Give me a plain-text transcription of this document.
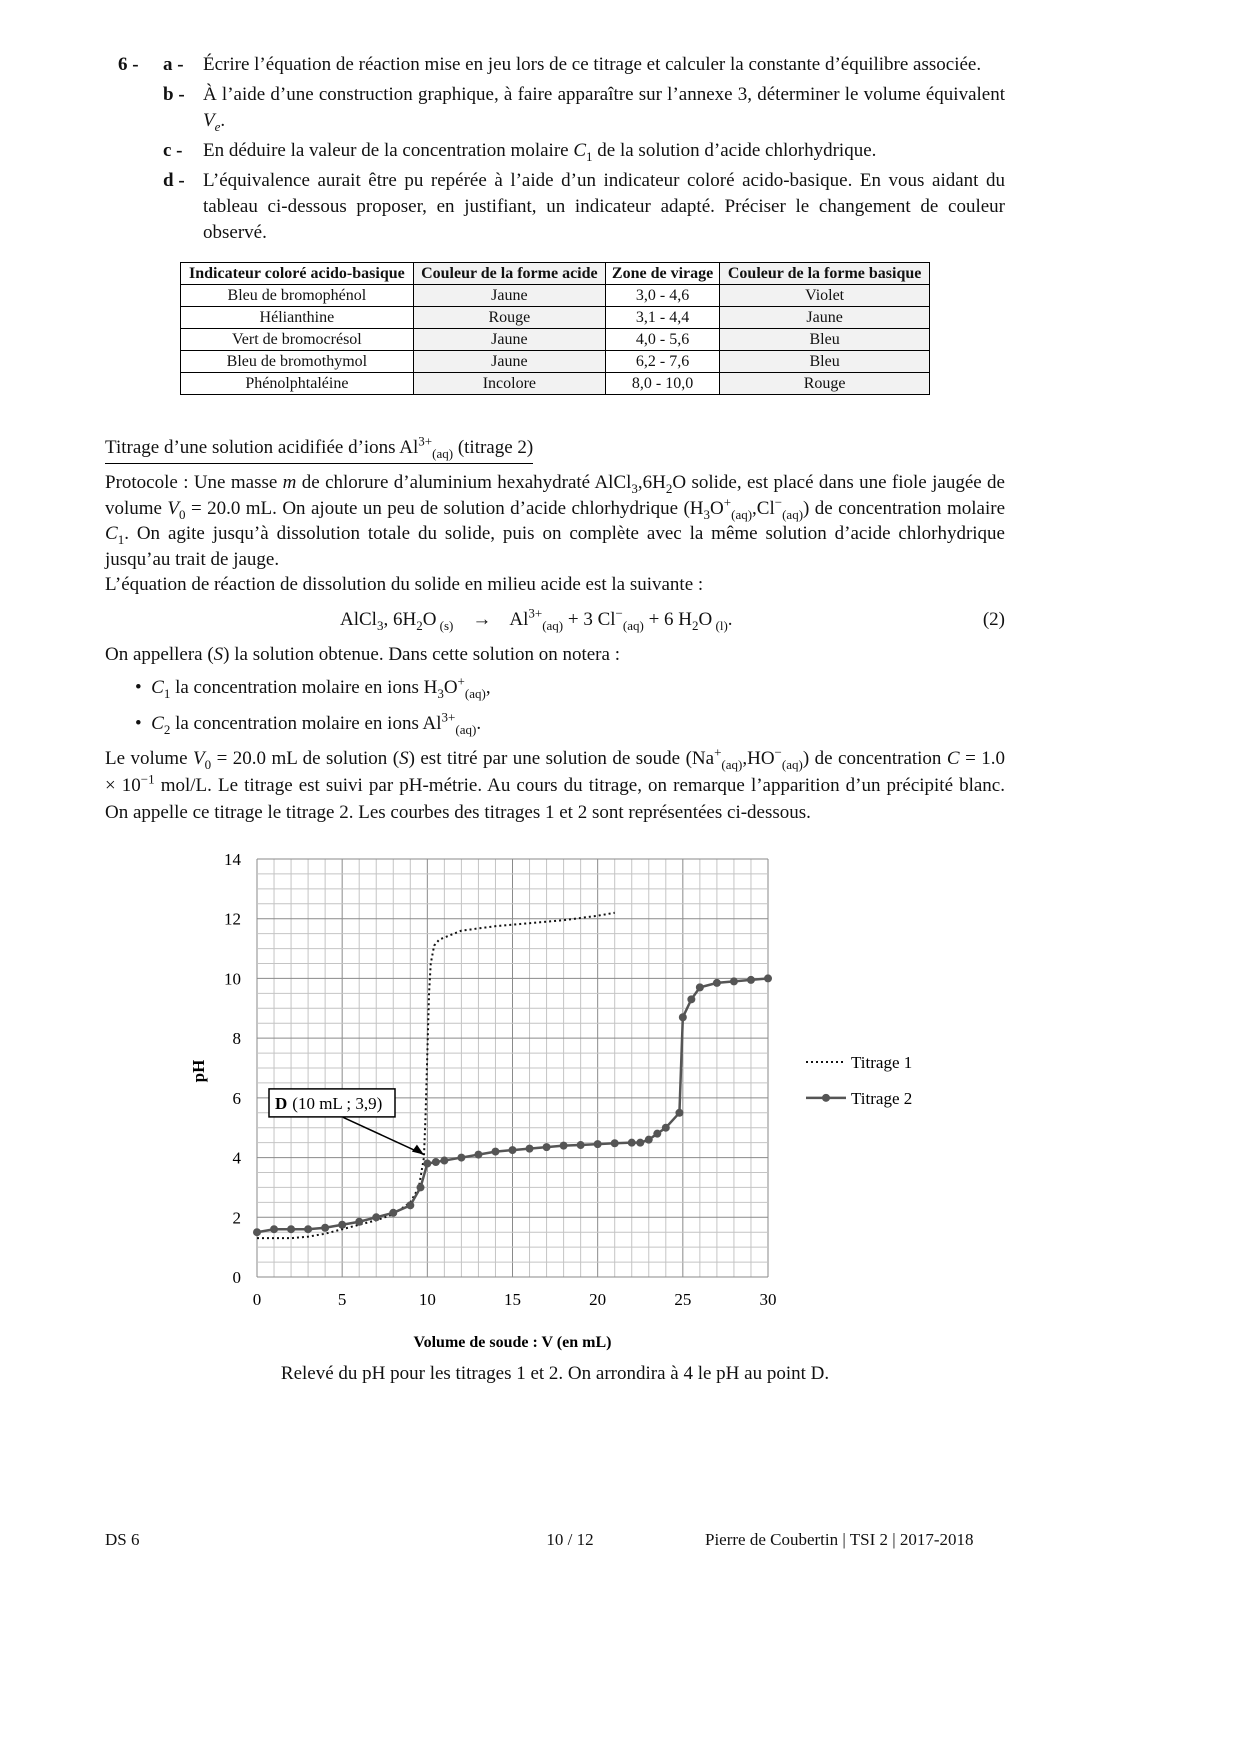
6 -	a -	Écrire l’équation de réaction mise en jeu lors de ce titrage et calculer la constante d’équilibre associée.
b - À l’aide d’une construction graphique, à faire apparaître sur l’annexe 3, déterminer le volume équivalent $V_e$.
c -	En déduire la valeur de la concentration molaire $C_1$ de la solution d’acide chlorhydrique.
d - L’équivalence aurait être pu repérée à l’aide d’un indicateur coloré acido-basique. En vous aidant du tableau ci-dessous proposer, en justifiant, un indicateur adapté. Préciser le changement de couleur observé.
Indicateur coloré acido-basique	Couleur de la forme acide	Zone de virage	Couleur de la forme basique
Bleu de bromophénol	Jaune	3,0 - 4,6	Violet
Hélianthine	Rouge	3,1 - 4,4	Jaune
Vert de bromocrésol	Jaune	4,0 - 5,6	Bleu
Bleu de bromothymol	Jaune	6,2 - 7,6	Bleu
Phénolphtaléine	Incolore	8,0 - 10,0	Rouge
Titrage d’une solution acidifiée d’ions $Al^{3+}_{(aq)}$ (titrage 2)

Protocole : Une masse m de chlorure d’aluminium hexahydraté $AlCl_3,6H_2O$ solide, est placé dans une fiole jaugée de volume $V_0 = 20.0$ mL. On ajoute un peu de solution d’acide chlorhydrique $(H_3O^+_{(aq)},Cl^-_{(aq)})$ de concentration molaire $C_1$. On agite jusqu’à dissolution totale du solide, puis on complète avec la même solution d’acide chlorhydrique jusqu’au trait de jauge.

L’équation de réaction de dissolution du solide en milieu acide est la suivante :

AlCl$_3$, $6H_2O$ $_{(s)}$    →    $Al^{3+}_{(aq)} + 3$ $Cl^-_{(aq)} + 6$ $H_2O$ $_{(l)}$.	(2)

On appellera (S) la solution obtenue. Dans cette solution on notera :

•  $C_1$ la concentration molaire en ions $H_3O^+_{(aq)}$,
•  $C_2$ la concentration molaire en ions $Al^{3+}_{(aq)}$.

Le volume $V_0 = 20.0$ mL de solution (S) est titré par une solution de soude $(Na^+_{(aq)},HO^-_{(aq)})$ de concentration $C = 1.0 \times 10^{-1}$ mol/L. Le titrage est suivi par pH-métrie. Au cours du titrage, on remarque l’apparition d’un précipité blanc. On appelle ce titrage le titrage 2. Les courbes des titrages 1 et 2 sont représentées ci-dessous.

0	5	10	15	20	25	30
0
2
4
6
8
10
12
14
Volume de soude : V (en mL)
pH	Titrage 1
Titrage 2
D (10 mL ; 3,9)
Relevé du pH pour les titrages 1 et 2. On arrondira à 4 le pH au point D.
DS 6	10 / 12	Pierre de Coubertin | TSI 2 | 2017-2018
